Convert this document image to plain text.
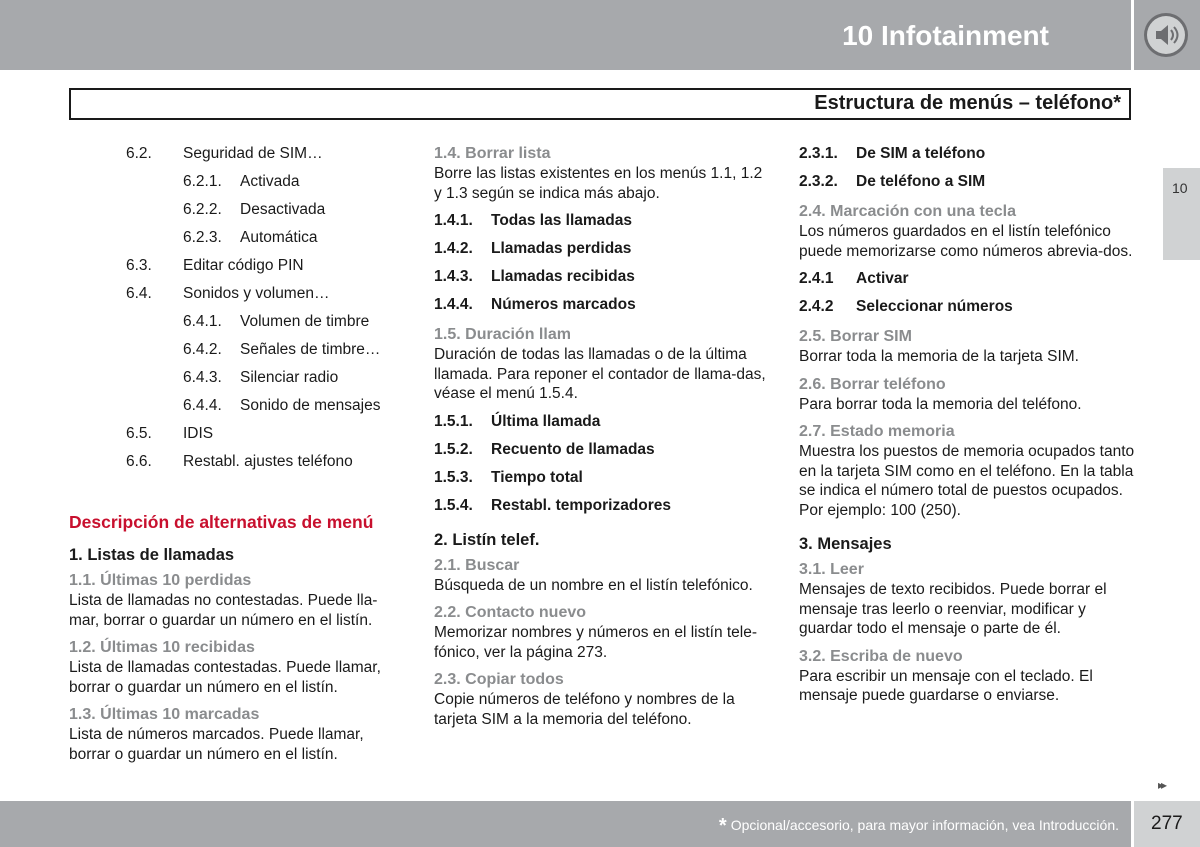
10 Infotainment
Estructura de menús – teléfono*
10
6.2. Seguridad de SIM…
6.2.1. Activada
6.2.2. Desactivada
6.2.3. Automática
6.3. Editar código PIN
6.4. Sonidos y volumen…
6.4.1. Volumen de timbre
6.4.2. Señales de timbre…
6.4.3. Silenciar radio
6.4.4. Sonido de mensajes
6.5. IDIS
6.6. Restabl. ajustes teléfono
Descripción de alternativas de menú
1. Listas de llamadas
1.1. Últimas 10 perdidas
Lista de llamadas no contestadas. Puede lla-mar, borrar o guardar un número en el listín.
1.2. Últimas 10 recibidas
Lista de llamadas contestadas. Puede llamar, borrar o guardar un número en el listín.
1.3. Últimas 10 marcadas
Lista de números marcados. Puede llamar, borrar o guardar un número en el listín.
1.4. Borrar lista
Borre las listas existentes en los menús 1.1, 1.2 y 1.3 según se indica más abajo.
1.4.1. Todas las llamadas
1.4.2. Llamadas perdidas
1.4.3. Llamadas recibidas
1.4.4. Números marcados
1.5. Duración llam
Duración de todas las llamadas o de la última llamada. Para reponer el contador de llama-das, véase el menú 1.5.4.
1.5.1. Última llamada
1.5.2. Recuento de llamadas
1.5.3. Tiempo total
1.5.4. Restabl. temporizadores
2. Listín telef.
2.1. Buscar
Búsqueda de un nombre en el listín telefónico.
2.2. Contacto nuevo
Memorizar nombres y números en el listín tele-fónico, ver la página 273.
2.3. Copiar todos
Copie números de teléfono y nombres de la tarjeta SIM a la memoria del teléfono.
2.3.1. De SIM a teléfono
2.3.2. De teléfono a SIM
2.4. Marcación con una tecla
Los números guardados en el listín telefónico puede memorizarse como números abrevia-dos.
2.4.1 Activar
2.4.2 Seleccionar números
2.5. Borrar SIM
Borrar toda la memoria de la tarjeta SIM.
2.6. Borrar teléfono
Para borrar toda la memoria del teléfono.
2.7. Estado memoria
Muestra los puestos de memoria ocupados tanto en la tarjeta SIM como en el teléfono. En la tabla se indica el número total de puestos ocupados. Por ejemplo: 100 (250).
3. Mensajes
3.1. Leer
Mensajes de texto recibidos. Puede borrar el mensaje tras leerlo o reenviar, modificar y guardar todo el mensaje o parte de él.
3.2. Escriba de nuevo
Para escribir un mensaje con el teclado. El mensaje puede guardarse o enviarse.
▸▸
* Opcional/accesorio, para mayor información, vea Introducción. 277
